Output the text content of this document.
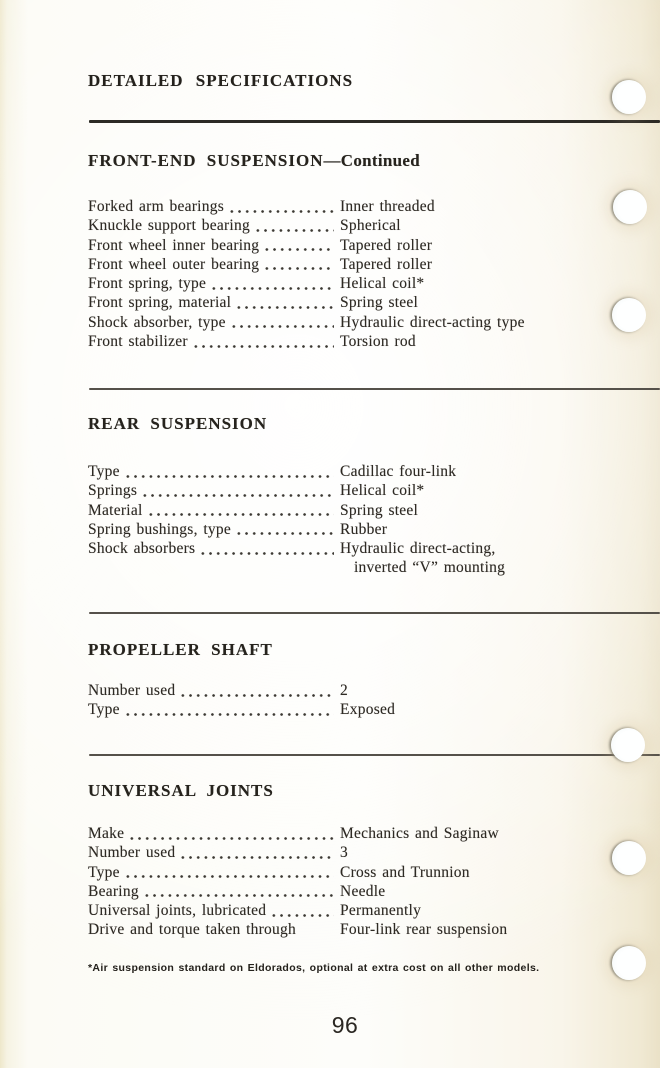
DETAILED SPECIFICATIONS
FRONT-END SUSPENSION—Continued
Forked arm bearings	Inner threaded
Knuckle support bearing	Spherical
Front wheel inner bearing	Tapered roller
Front wheel outer bearing	Tapered roller
Front spring, type	Helical coil*
Front spring, material	Spring steel
Shock absorber, type	Hydraulic direct-acting type
Front stabilizer	Torsion rod
REAR SUSPENSION
Type	Cadillac four-link
Springs	Helical coil*
Material	Spring steel
Spring bushings, type	Rubber
Shock absorbers	Hydraulic direct-acting,
inverted “V” mounting
PROPELLER SHAFT
Number used	2
Type	Exposed
UNIVERSAL JOINTS
Make	Mechanics and Saginaw
Number used	3
Type	Cross and Trunnion
Bearing	Needle
Universal joints, lubricated	Permanently
Drive and torque taken through	Four-link rear suspension
*Air suspension standard on Eldorados, optional at extra cost on all other models.
96
